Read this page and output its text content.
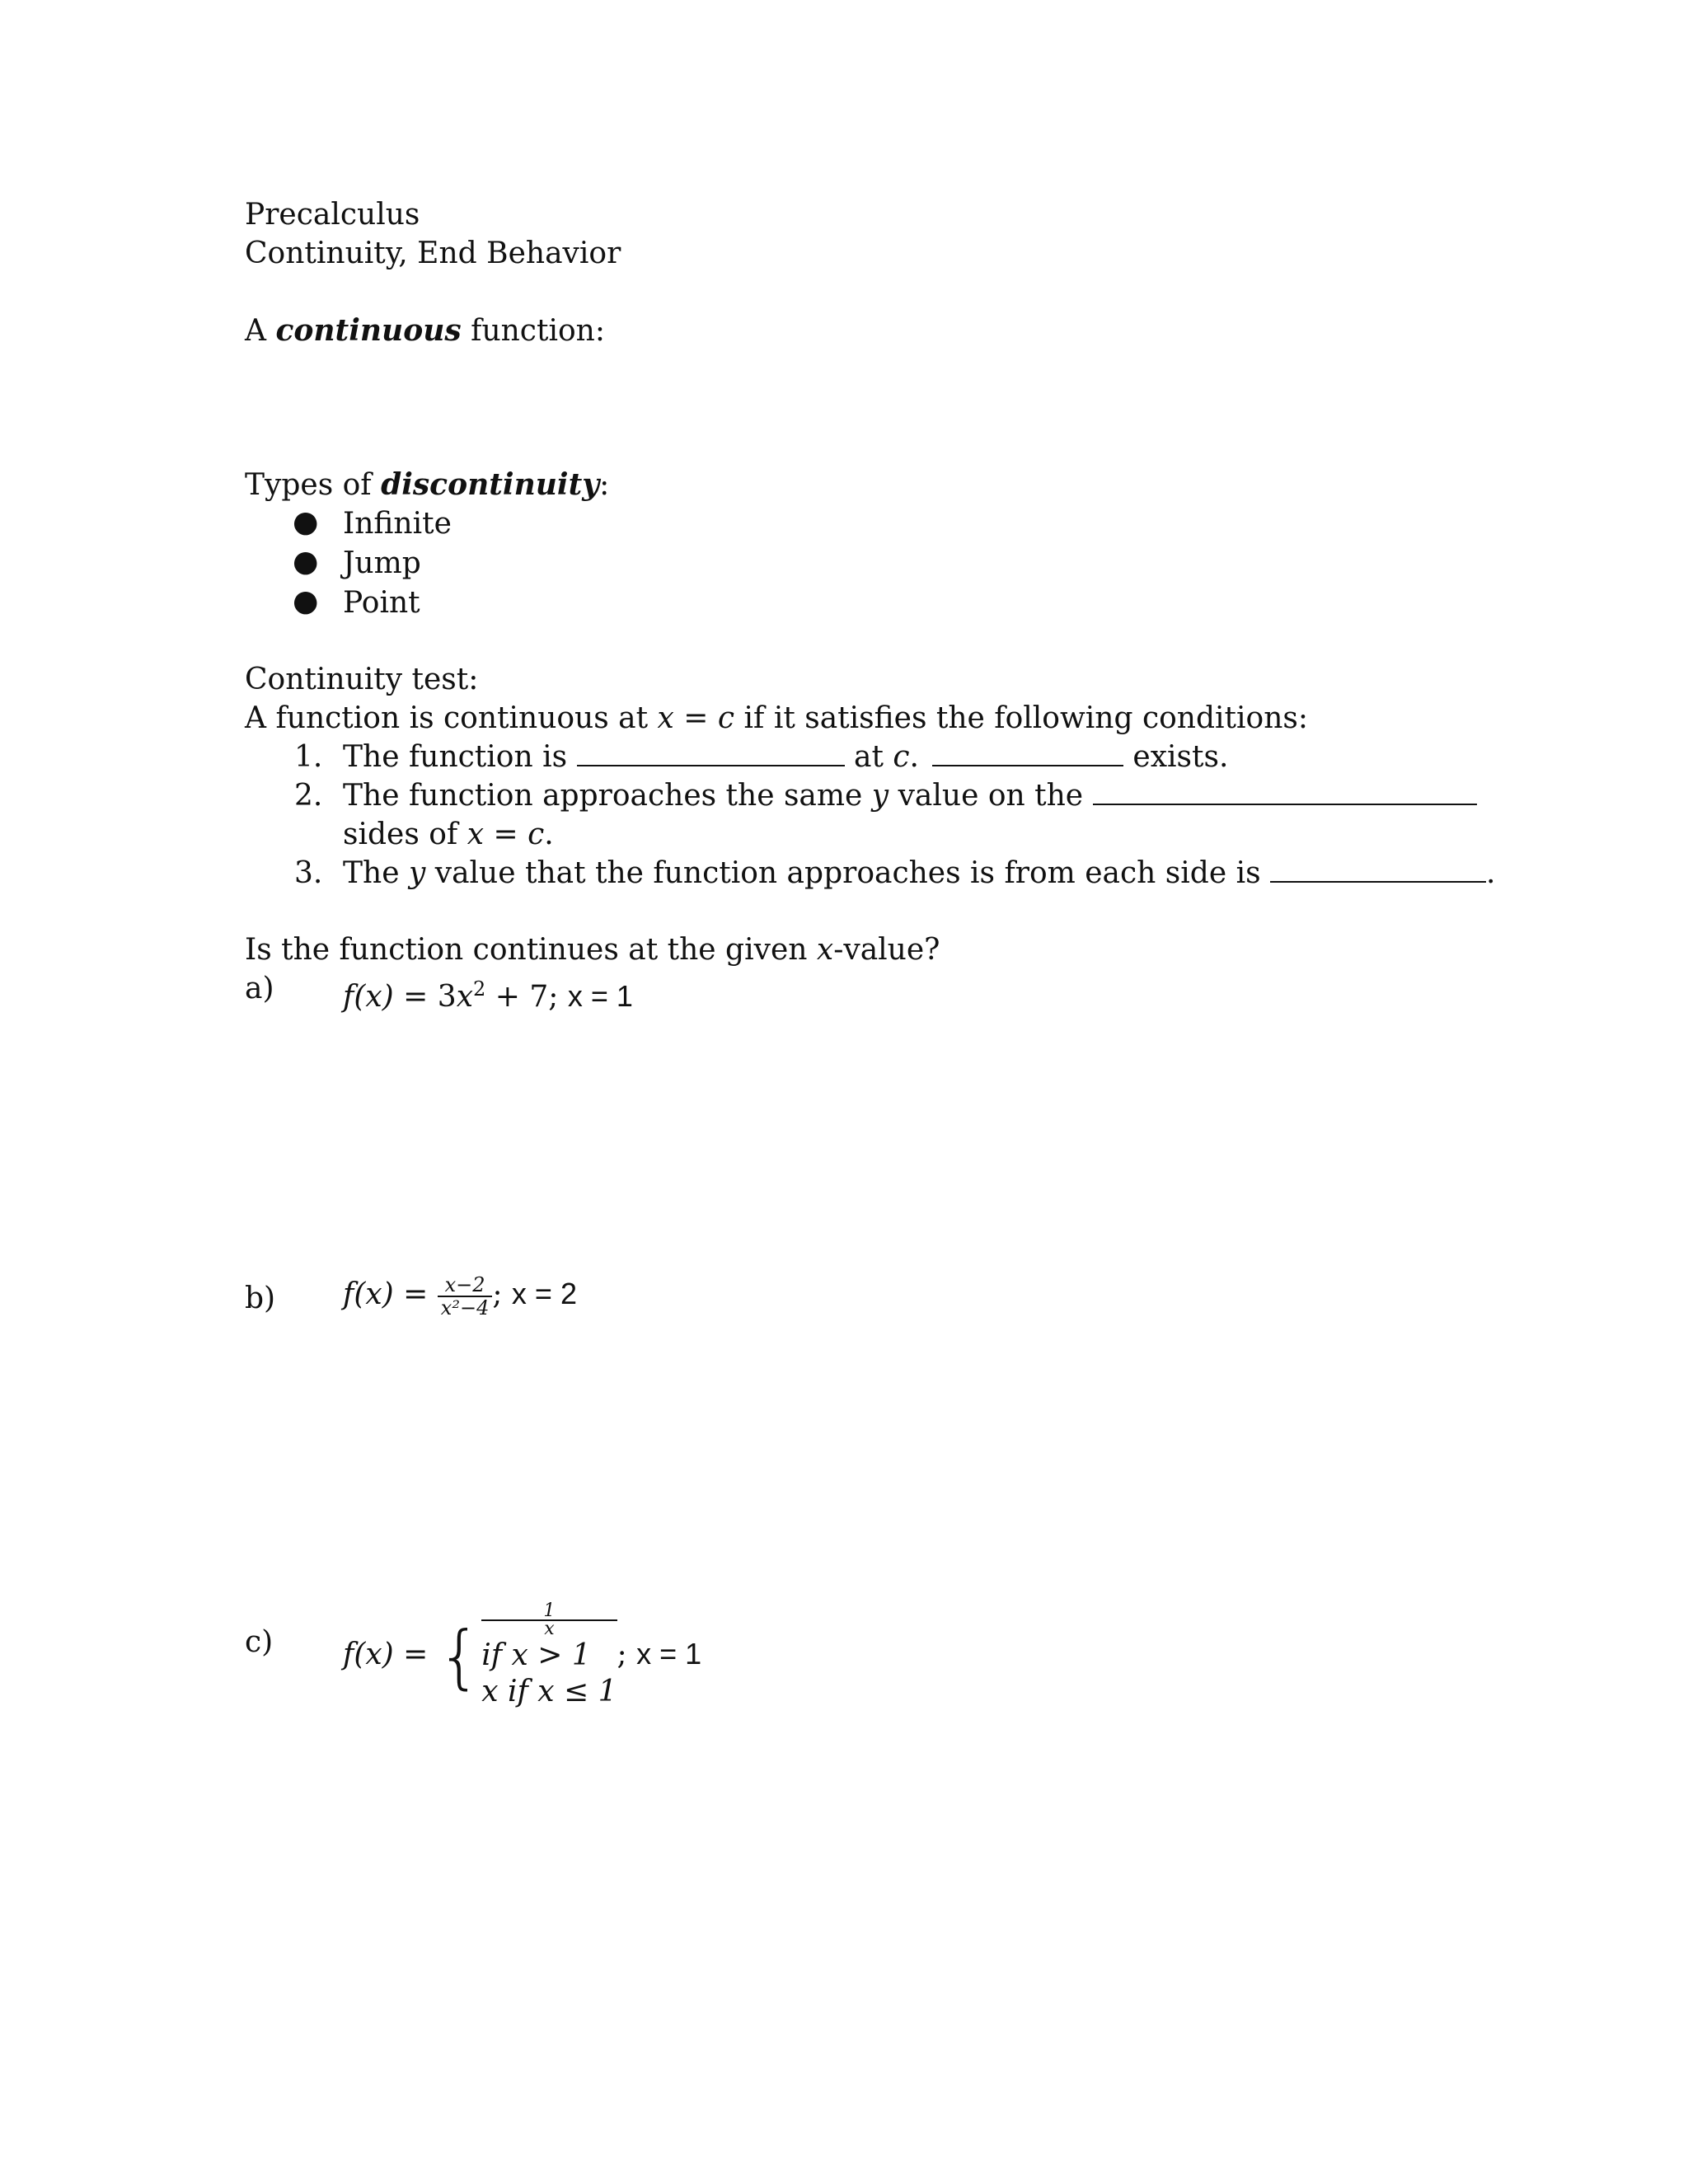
Precalculus
Continuity, End Behavior
A continuous function:
Types of discontinuity:
● Infinite
● Jump
● Point
Continuity test:
A function is continuous at x = c if it satisfies the following conditions:
1. The function is	at c.	exists.
2. The function approaches the same y value on the
sides of x = c.
3. The y value that the function approaches is from each side is	.
Is the function continues at the given x-value?
a) $f(x) = 3x^2 + 7$; x = 1
b) $f(x) = \frac{x-2}{\text{x²−4}}$ ; x = 2
c) f(x) = {
1
x
if x > 1
x if x ≤ 1
; x = 1
